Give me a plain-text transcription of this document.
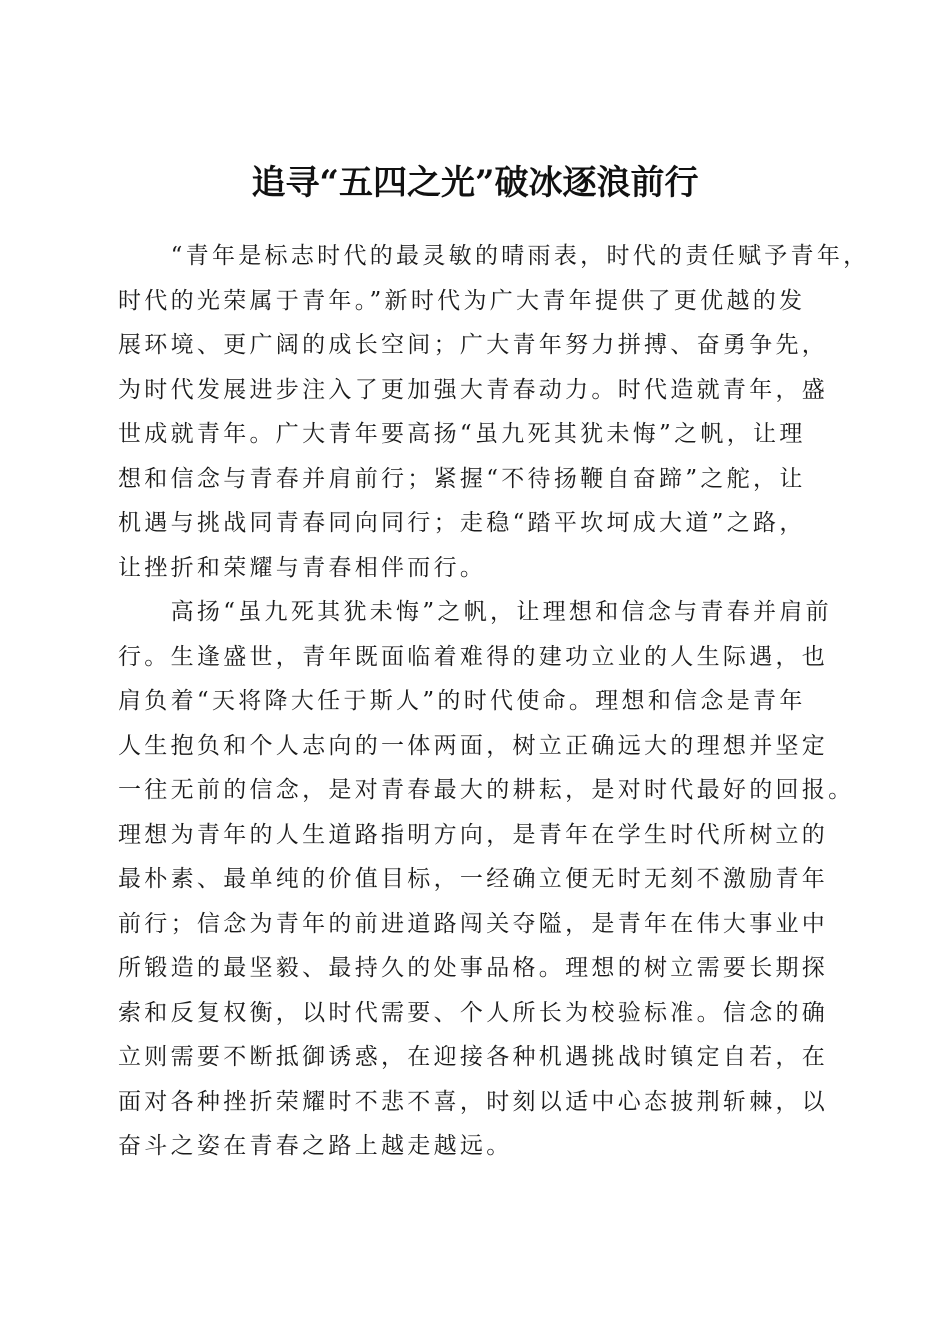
追寻“五四之光”破冰逐浪前行
　　“青年是标志时代的最灵敏的晴雨表，时代的责任赋予青年，
时代的光荣属于青年。”新时代为广大青年提供了更优越的发
展环境、更广阔的成长空间；广大青年努力拼搏、奋勇争先，
为时代发展进步注入了更加强大青春动力。时代造就青年，盛
世成就青年。广大青年要高扬“虽九死其犹未悔”之帆，让理
想和信念与青春并肩前行；紧握“不待扬鞭自奋蹄”之舵，让
机遇与挑战同青春同向同行；走稳“踏平坎坷成大道”之路，
让挫折和荣耀与青春相伴而行。
　　高扬“虽九死其犹未悔”之帆，让理想和信念与青春并肩前
行。生逢盛世，青年既面临着难得的建功立业的人生际遇，也
肩负着“天将降大任于斯人”的时代使命。理想和信念是青年
人生抱负和个人志向的一体两面，树立正确远大的理想并坚定
一往无前的信念，是对青春最大的耕耘，是对时代最好的回报。
理想为青年的人生道路指明方向，是青年在学生时代所树立的
最朴素、最单纯的价值目标，一经确立便无时无刻不激励青年
前行；信念为青年的前进道路闯关夺隘，是青年在伟大事业中
所锻造的最坚毅、最持久的处事品格。理想的树立需要长期探
索和反复权衡，以时代需要、个人所长为校验标准。信念的确
立则需要不断抵御诱惑，在迎接各种机遇挑战时镇定自若，在
面对各种挫折荣耀时不悲不喜，时刻以适中心态披荆斩棘，以
奋斗之姿在青春之路上越走越远。
